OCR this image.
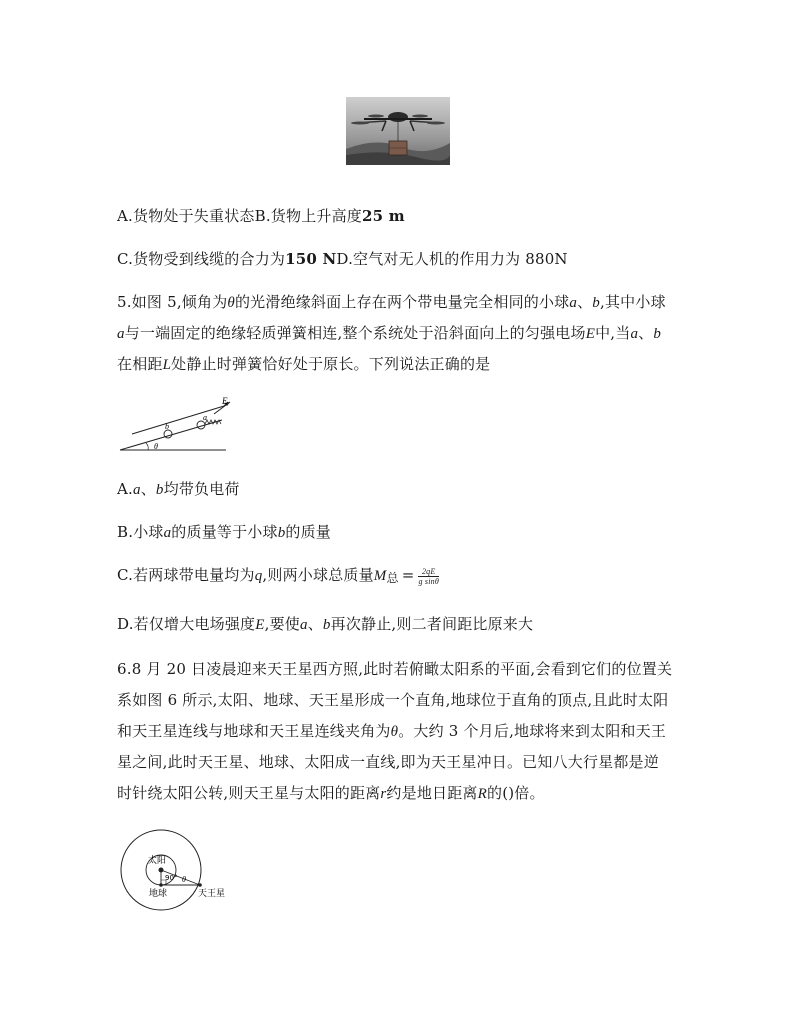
A.货物处于失重状态B.货物上升高度25 m
C.货物受到线缆的合力为150 ND.空气对无人机的作用力为 880N
5.如图 5,倾角为θ的光滑绝缘斜面上存在两个带电量完全相同的小球a、b,其中小球
a与一端固定的绝缘轻质弹簧相连,整个系统处于沿斜面向上的匀强电场E中,当a、b
在相距L处静止时弹簧恰好处于原长。下列说法正确的是
E
b
a
θ
A.a、b均带负电荷
B.小球a的质量等于小球b的质量
C.若两球带电量均为q,则两小球总质量M总 = $\frac{2qE}{\text{g sinθ}}$
D.若仅增大电场强度E,要使a、b再次静止,则二者间距比原来大
6.8 月 20 日凌晨迎来天王星西方照,此时若俯瞰太阳系的平面,会看到它们的位置关
系如图 6 所示,太阳、地球、天王星形成一个直角,地球位于直角的顶点,且此时太阳
和天王星连线与地球和天王星连线夹角为θ。大约 3 个月后,地球将来到太阳和天王
星之间,此时天王星、地球、太阳成一直线,即为天王星冲日。已知八大行星都是逆
时针绕太阳公转,则天王星与太阳的距离r约是地日距离R的()倍。
太阳
90° θ
地球	天王星
